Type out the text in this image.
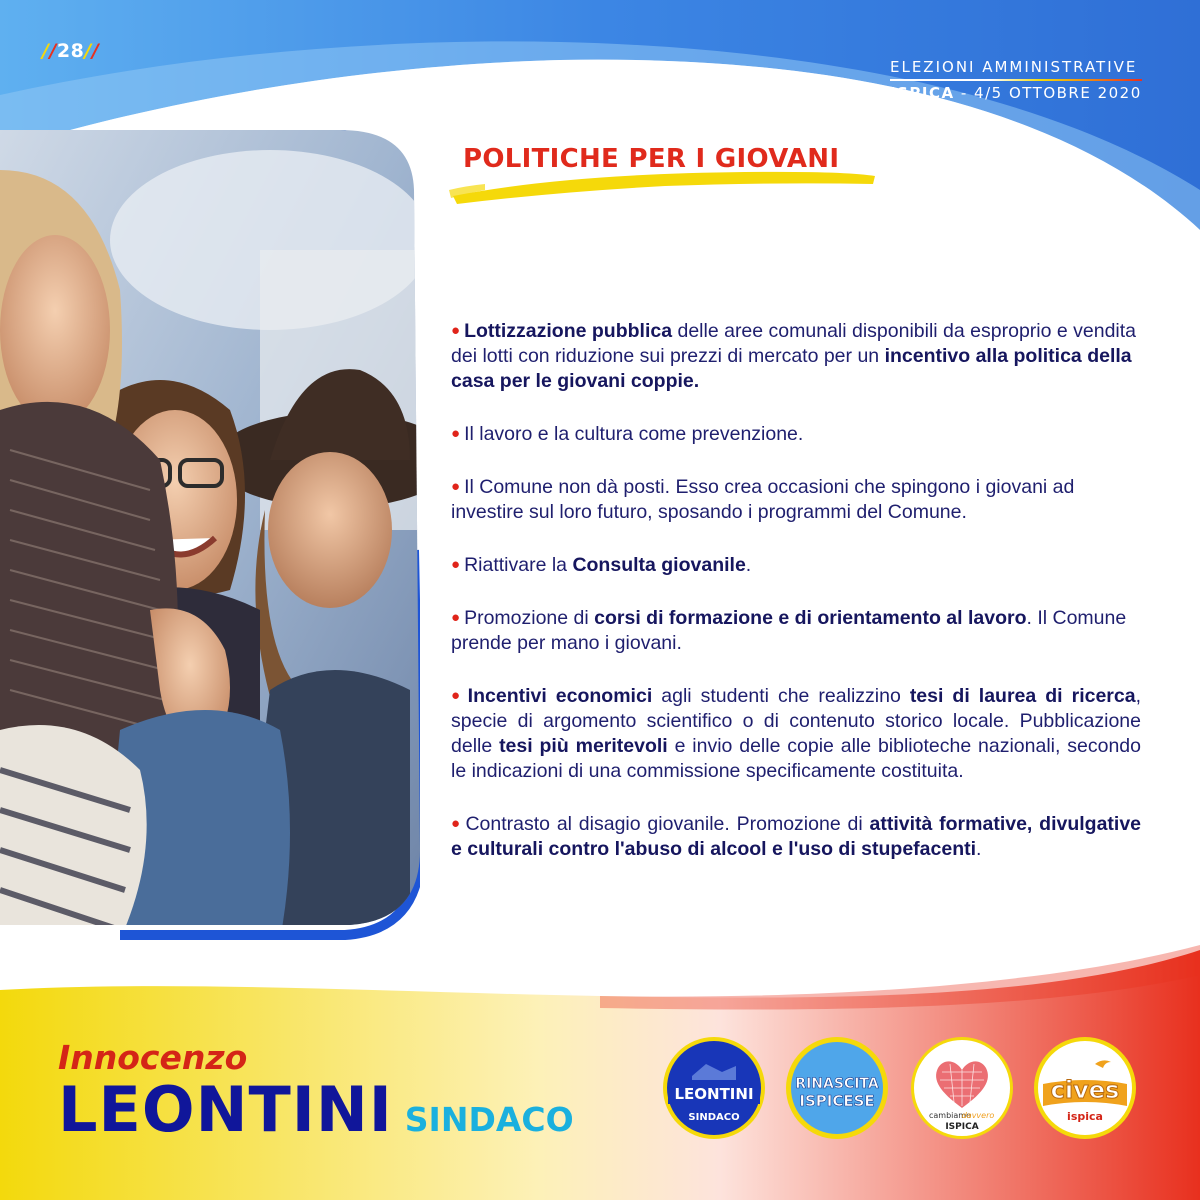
//28//
ELEZIONI AMMINISTRATIVE
ISPICA - 4/5 OTTOBRE 2020
POLITICHE PER I GIOVANI

● Lottizzazione pubblica delle aree comunali disponibili da esproprio e vendita dei lotti con riduzione sui prezzi di mercato per un incentivo alla politica della casa per le giovani coppie.

● Il lavoro e la cultura come prevenzione.

● Il Comune non dà posti. Esso crea occasioni che spingono i giovani ad investire sul loro futuro, sposando i programmi del Comune.

● Riattivare la Consulta giovanile.

● Promozione di corsi di formazione e di orientamento al lavoro. Il Comune prende per mano i giovani.

● Incentivi economici agli studenti che realizzino tesi di laurea di ricerca, specie di argomento scientifico o di contenuto storico locale. Pubblicazione delle tesi più meritevoli e invio delle copie alle biblioteche nazionali, secondo le indicazioni di una commissione specificamente costituita.

● Contrasto al disagio giovanile. Promozione di attività formative, divulgative e culturali contro l'abuso di alcool e l'uso di stupefacenti.

Innocenzo
LEONTINI SINDACO
LEONTINI
SINDACO
RINASCITA
ISPICESE
cambiamo
davvero
ISPICA
cives
ispica
